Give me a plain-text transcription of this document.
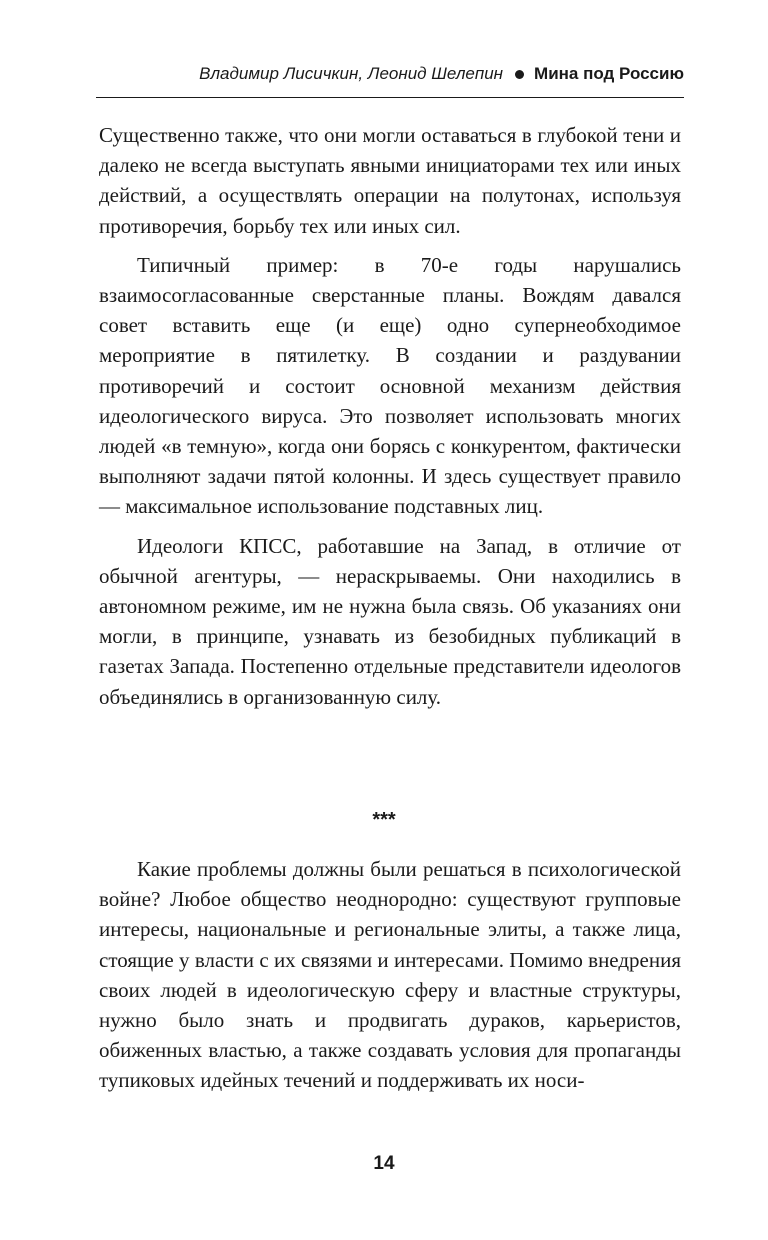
Владимир Лисичкин, Леонид Шелепин Мина под Россию

Существенно также, что они могли оставаться в глубокой тени и далеко не всегда выступать явными инициаторами тех или иных действий, а осуществлять операции на полутонах, используя противоречия, борьбу тех или иных сил.

Типичный пример: в 70-е годы нарушались взаимосогласованные сверстанные планы. Вождям давался совет вставить еще (и еще) одно супернеобходимое мероприятие в пятилетку. В создании и раздувании противоречий и состоит основной механизм действия идеологического вируса. Это позволяет использовать многих людей «в темную», когда они борясь с конкурентом, фактически выполняют задачи пятой колонны. И здесь существует правило — максимальное использование подставных лиц.

Идеологи КПСС, работавшие на Запад, в отличие от обычной агентуры, — нераскрываемы. Они находились в автономном режиме, им не нужна была связь. Об указаниях они могли, в принципе, узнавать из безобидных публикаций в газетах Запада. Постепенно отдельные представители идеологов объединялись в организованную силу.

***

Какие проблемы должны были решаться в психологической войне? Любое общество неоднородно: существуют групповые интересы, национальные и региональные элиты, а также лица, стоящие у власти с их связями и интересами. Помимо внедрения своих людей в идеологическую сферу и властные структуры, нужно было знать и продвигать дураков, карьеристов, обиженных властью, а также создавать условия для пропаганды тупиковых идейных течений и поддерживать их носи-

14
